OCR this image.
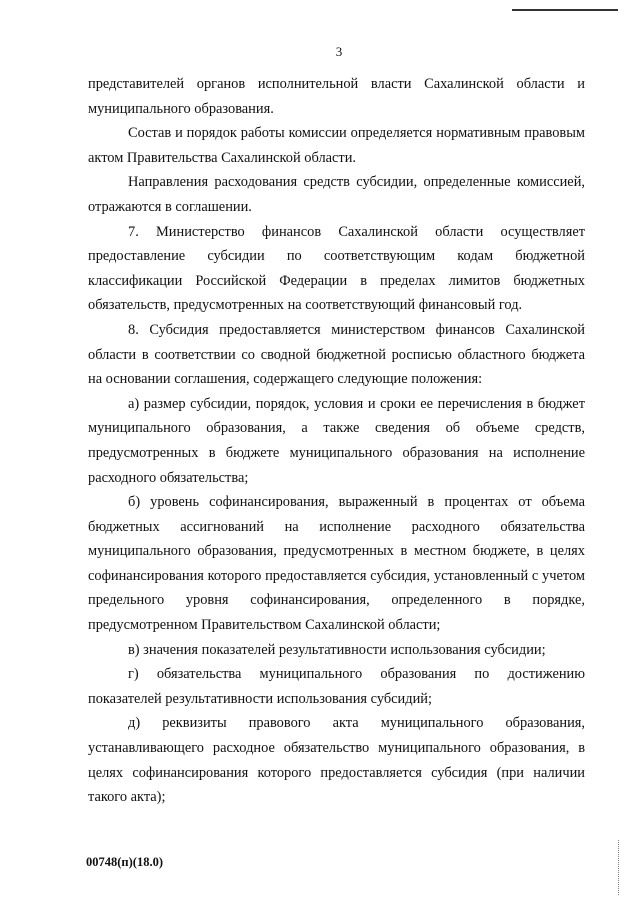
3

представителей органов исполнительной власти Сахалинской области и муниципального образования.

Состав и порядок работы комиссии определяется нормативным правовым актом Правительства Сахалинской области.

Направления расходования средств субсидии, определенные комиссией, отражаются в соглашении.

7. Министерство финансов Сахалинской области осуществляет предоставление субсидии по соответствующим кодам бюджетной классификации Российской Федерации в пределах лимитов бюджетных обязательств, предусмотренных на соответствующий финансовый год.

8. Субсидия предоставляется министерством финансов Сахалинской области в соответствии со сводной бюджетной росписью областного бюджета на основании соглашения, содержащего следующие положения:

а) размер субсидии, порядок, условия и сроки ее перечисления в бюджет муниципального образования, а также сведения об объеме средств, предусмотренных в бюджете муниципального образования на исполнение расходного обязательства;

б) уровень софинансирования, выраженный в процентах от объема бюджетных ассигнований на исполнение расходного обязательства муниципального образования, предусмотренных в местном бюджете, в целях софинансирования которого предоставляется субсидия, установленный с учетом предельного уровня софинансирования, определенного в порядке, предусмотренном Правительством Сахалинской области;

в) значения показателей результативности использования субсидии;

г) обязательства муниципального образования по достижению показателей результативности использования субсидий;

д) реквизиты правового акта муниципального образования, устанавливающего расходное обязательство муниципального образования, в целях софинансирования которого предоставляется субсидия (при наличии такого акта);

00748(п)(18.0)
